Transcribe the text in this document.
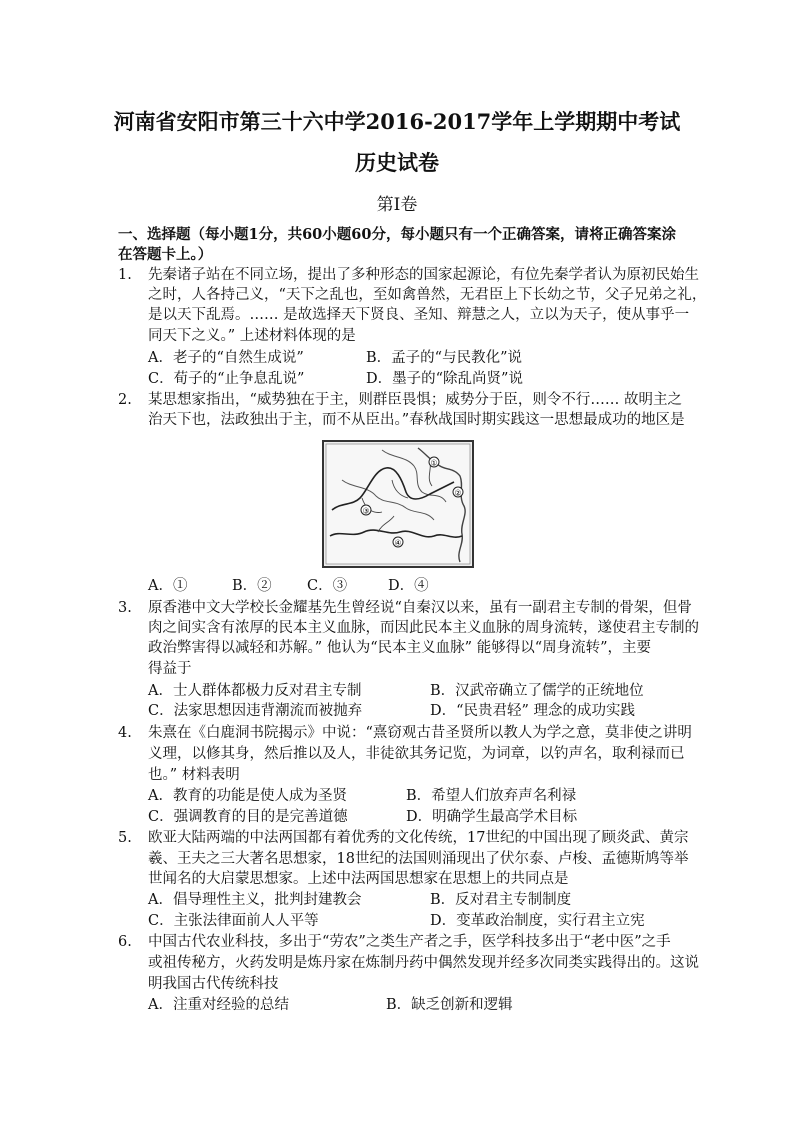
河南省安阳市第三十六中学2016-2017学年上学期期中考试
历史试卷
第Ⅰ卷
一、选择题（每小题1分，共60小题60分，每小题只有一个正确答案，请将正确答案涂
在答题卡上。）
1. 先秦诸子站在不同立场，提出了多种形态的国家起源论，有位先秦学者认为原初民始生
之时，人各持己义，“天下之乱也，至如禽兽然，无君臣上下长幼之节，父子兄弟之礼，
是以天下乱焉。…… 是故选择天下贤良、圣知、辩慧之人，立以为天子，使从事乎一
同天下之义。” 上述材料体现的是
A．老子的“自然生成说”	B．孟子的“与民教化”说
C．荀子的“止争息乱说”	D．墨子的“除乱尚贤”说
2. 某思想家指出，“威势独在于主，则群臣畏惧；威势分于臣，则令不行…… 故明主之
治天下也，法政独出于主，而不从臣出。”春秋战国时期实践这一思想最成功的地区是
①
②
③
④
A．①	B．② C．③	D．④
3. 原香港中文大学校长金耀基先生曾经说“自秦汉以来，虽有一副君主专制的骨架，但骨
肉之间实含有浓厚的民本主义血脉，而因此民本主义血脉的周身流转，遂使君主专制的
政治弊害得以减轻和苏解。” 他认为“民本主义血脉” 能够得以“周身流转”，主要
得益于
A．士人群体都极力反对君主专制	B．汉武帝确立了儒学的正统地位
C．法家思想因违背潮流而被抛弃	D．“民贵君轻” 理念的成功实践
4. 朱熹在《白鹿洞书院揭示》中说：“熹窃观古昔圣贤所以教人为学之意，莫非使之讲明
义理，以修其身，然后推以及人，非徒欲其务记览，为词章，以钓声名，取利禄而已
也。” 材料表明
A．教育的功能是使人成为圣贤	B．希望人们放弃声名利禄
C．强调教育的目的是完善道德	D．明确学生最高学术目标
5. 欧亚大陆两端的中法两国都有着优秀的文化传统，17世纪的中国出现了顾炎武、黄宗
羲、王夫之三大著名思想家，18世纪的法国则涌现出了伏尔泰、卢梭、孟德斯鸠等举
世闻名的大启蒙思想家。上述中法两国思想家在思想上的共同点是
A．倡导理性主义，批判封建教会	B．反对君主专制制度
C．主张法律面前人人平等	D．变革政治制度，实行君主立宪
6. 中国古代农业科技，多出于“劳农”之类生产者之手，医学科技多出于“老中医”之手
或祖传秘方，火药发明是炼丹家在炼制丹药中偶然发现并经多次同类实践得出的。这说
明我国古代传统科技
A．注重对经验的总结	B．缺乏创新和逻辑
